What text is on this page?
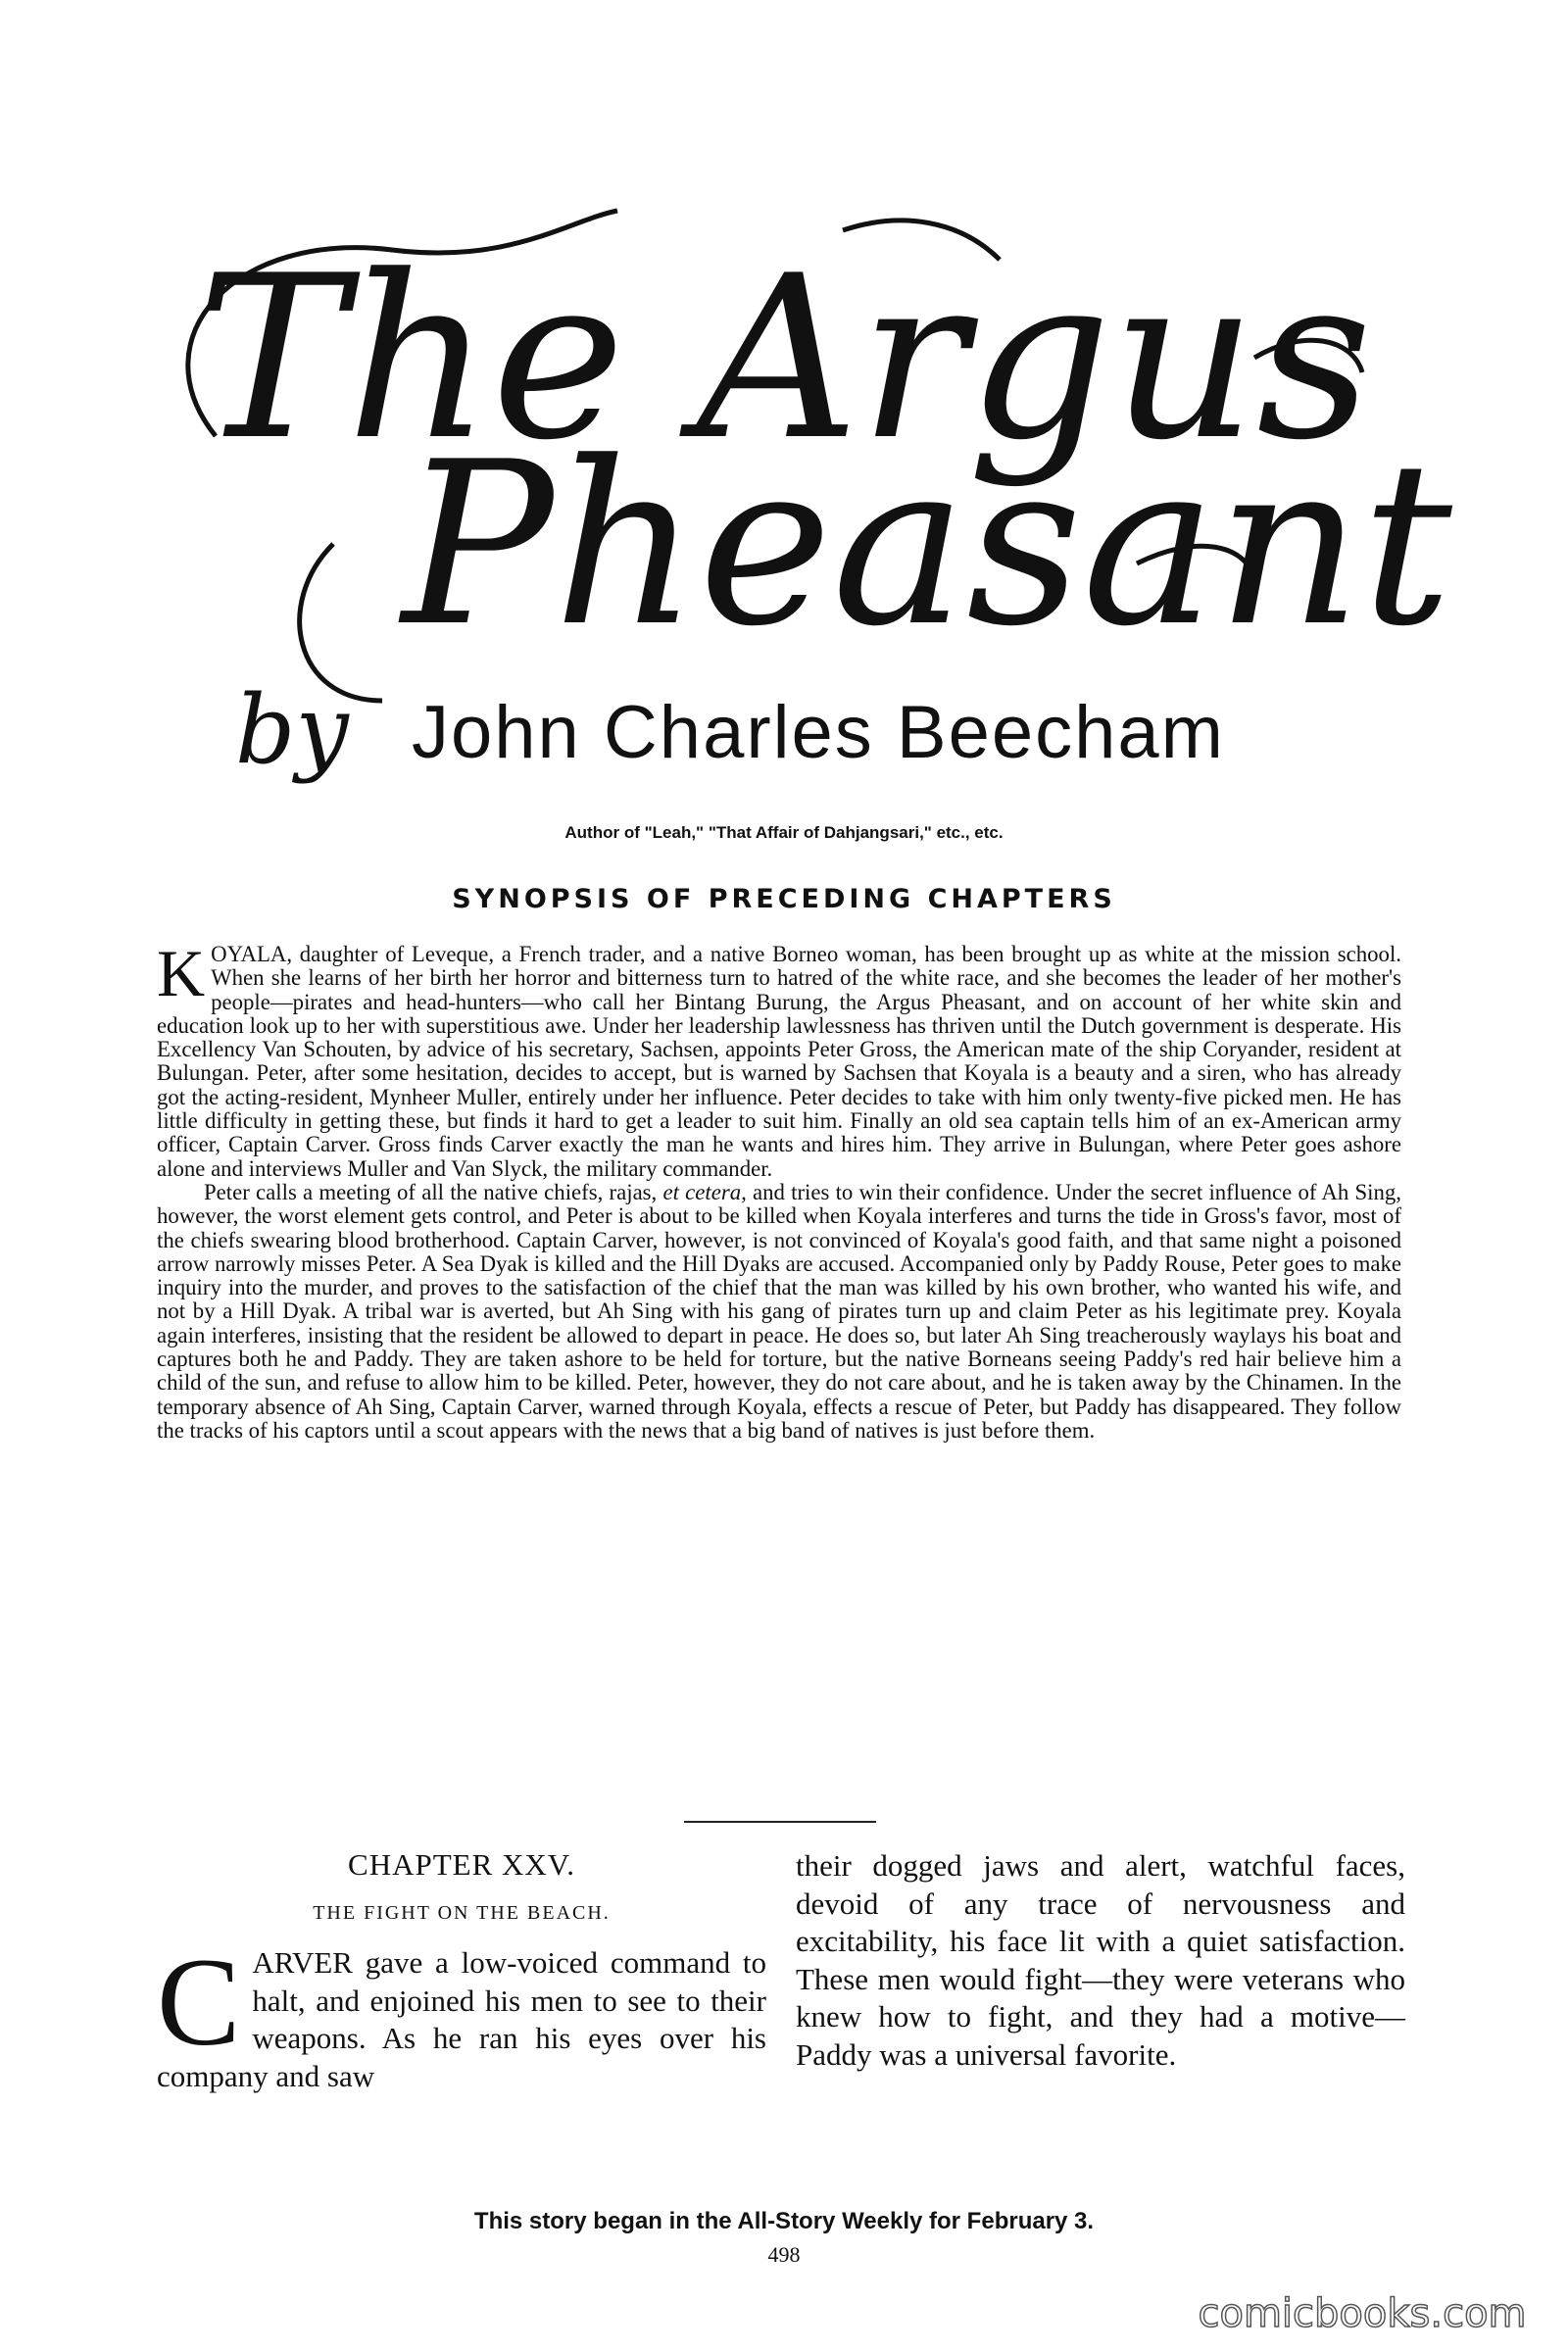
The Argus
Pheasant
by John Charles Beecham
Author of "Leah," "That Affair of Dahjangsari," etc., etc.
SYNOPSIS OF PRECEDING CHAPTERS

KOYALA, daughter of Leveque, a French trader, and a native Borneo woman, has been brought up as white at the mission school. When she learns of her birth her horror and bitterness turn to hatred of the white race, and she becomes the leader of her mother's people—pirates and head-hunters—who call her Bintang Burung, the Argus Pheasant, and on account of her white skin and education look up to her with superstitious awe. Under her leadership lawlessness has thriven until the Dutch government is desperate. His Excellency Van Schouten, by advice of his secretary, Sachsen, appoints Peter Gross, the American mate of the ship Coryander, resident at Bulungan. Peter, after some hesitation, decides to accept, but is warned by Sachsen that Koyala is a beauty and a siren, who has already got the acting-resident, Mynheer Muller, entirely under her influence. Peter decides to take with him only twenty-five picked men. He has little difficulty in getting these, but finds it hard to get a leader to suit him. Finally an old sea captain tells him of an ex-American army officer, Captain Carver. Gross finds Carver exactly the man he wants and hires him. They arrive in Bulungan, where Peter goes ashore alone and interviews Muller and Van Slyck, the military commander.

Peter calls a meeting of all the native chiefs, rajas, et cetera, and tries to win their confidence. Under the secret influence of Ah Sing, however, the worst element gets control, and Peter is about to be killed when Koyala interferes and turns the tide in Gross's favor, most of the chiefs swearing blood brotherhood. Captain Carver, however, is not convinced of Koyala's good faith, and that same night a poisoned arrow narrowly misses Peter. A Sea Dyak is killed and the Hill Dyaks are accused. Accompanied only by Paddy Rouse, Peter goes to make inquiry into the murder, and proves to the satisfaction of the chief that the man was killed by his own brother, who wanted his wife, and not by a Hill Dyak. A tribal war is averted, but Ah Sing with his gang of pirates turn up and claim Peter as his legitimate prey. Koyala again interferes, insisting that the resident be allowed to depart in peace. He does so, but later Ah Sing treacherously waylays his boat and captures both he and Paddy. They are taken ashore to be held for torture, but the native Borneans seeing Paddy's red hair believe him a child of the sun, and refuse to allow him to be killed. Peter, however, they do not care about, and he is taken away by the Chinamen. In the temporary absence of Ah Sing, Captain Carver, warned through Koyala, effects a rescue of Peter, but Paddy has disappeared. They follow the tracks of his captors until a scout appears with the news that a big band of natives is just before them.

CHAPTER XXV.
THE FIGHT ON THE BEACH.

CARVER gave a low-voiced command to halt, and enjoined his men to see to their weapons. As he ran his eyes over his company and saw

their dogged jaws and alert, watchful faces, devoid of any trace of nervousness and excitability, his face lit with a quiet satisfaction. These men would fight—they were veterans who knew how to fight, and they had a motive—Paddy was a universal favorite.

This story began in the All-Story Weekly for February 3.
498
comicbooks.com
